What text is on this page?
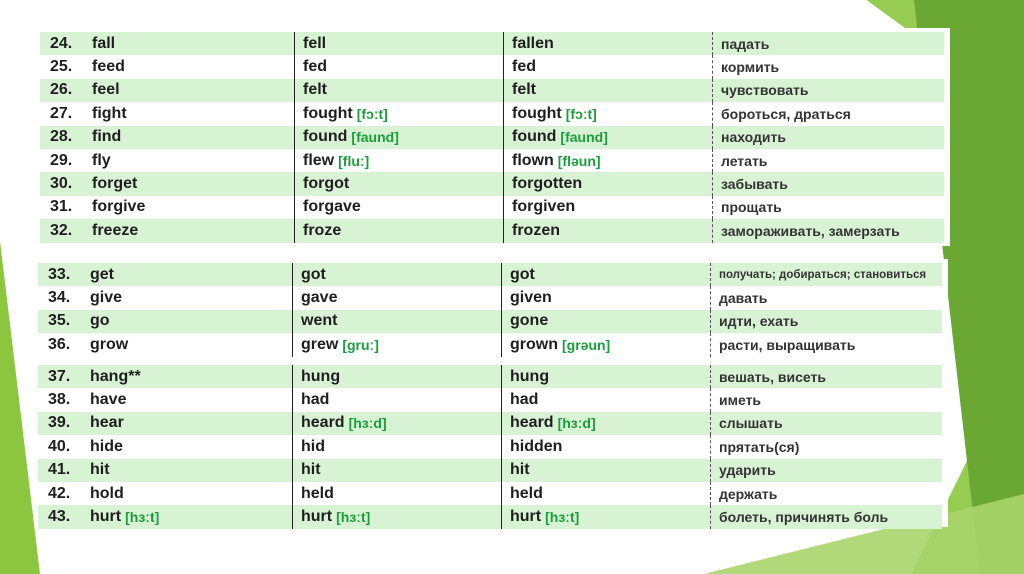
24. fall	fell	fallen	падать
25. feed	fed	fed	кормить
26. feel	felt	felt	чувствовать
27. fight	fought [fɔːt]	fought [fɔːt]	бороться, драться
28. find	found [faund]	found [faund]	находить
29. fly	flew [fluː]	flown [fləun]	летать
30. forget	forgot	forgotten	забывать
31. forgive	forgave	forgiven	прощать
32. freeze	froze	frozen	замораживать, замерзать
33. get	got	got	получать; добираться; становиться
34. give	gave	given	давать
35. go	went	gone	идти, ехать
36. grow	grew [gruː]	grown [grəun]	расти, выращивать
37. hang**	hung	hung	вешать, висеть
38. have	had	had	иметь
39. hear	heard [hɜːd]	heard [hɜːd]	слышать
40. hide	hid	hidden	прятать(ся)
41. hit	hit	hit	ударить
42. hold	held	held	держать
43. hurt [hɜːt]	hurt [hɜːt]	hurt [hɜːt]	болеть, причинять боль
